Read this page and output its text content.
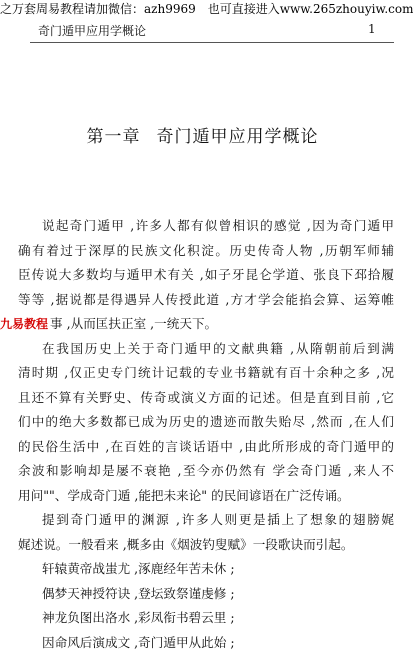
之万套周易教程请加微信：azh9969　也可直接进入www.265zhouyiw.com
奇门遁甲应用学概论	1
第一章 奇门遁甲应用学概论
说起奇门遁甲 ,许多人都有似曾相识的感觉 ,因为奇门遁甲
确有着过于深厚的民族文化积淀。历史传奇人物 ,历朝军师辅
臣传说大多数均与遁甲术有关 ,如子牙昆仑学道、张良下邳拾履
等等 ,据说都是得遇异人传授此道 ,方才学会能掐会算、运筹帷
九易教程 事 ,从而匡扶正室 ,一统天下。
在我国历史上关于奇门遁甲的文献典籍 ,从隋朝前后到满
清时期 ,仅正史专门统计记载的专业书籍就有百十余种之多 ,况
且还不算有关野史、传奇或演义方面的记述。但是直到目前 ,它
们中的绝大多数都已成为历史的遗迹而散失贻尽 ,然而 ,在人们
的民俗生活中 ,在百姓的言谈话语中 ,由此所形成的奇门遁甲的
余波和影响却是屡不衰艳 ,至今亦仍然有 学会奇门遁 ,来人不
用问""、学成奇门遁 ,能把未来论" 的民间谚语在广泛传诵。
提到奇门遁甲的渊源 ,许多人则更是插上了想象的翅膀娓
娓述说。一般看来 ,概多由《烟波钓叟赋》一段歌诀而引起。
轩辕黄帝战蚩尤 ,涿鹿经年苦未休 ;
偶梦天神授符诀 ,登坛致祭谨虔修 ;
神龙负图出洛水 ,彩凤衔书碧云里 ;
因命风后演成文 ,奇门遁甲从此始 ;
